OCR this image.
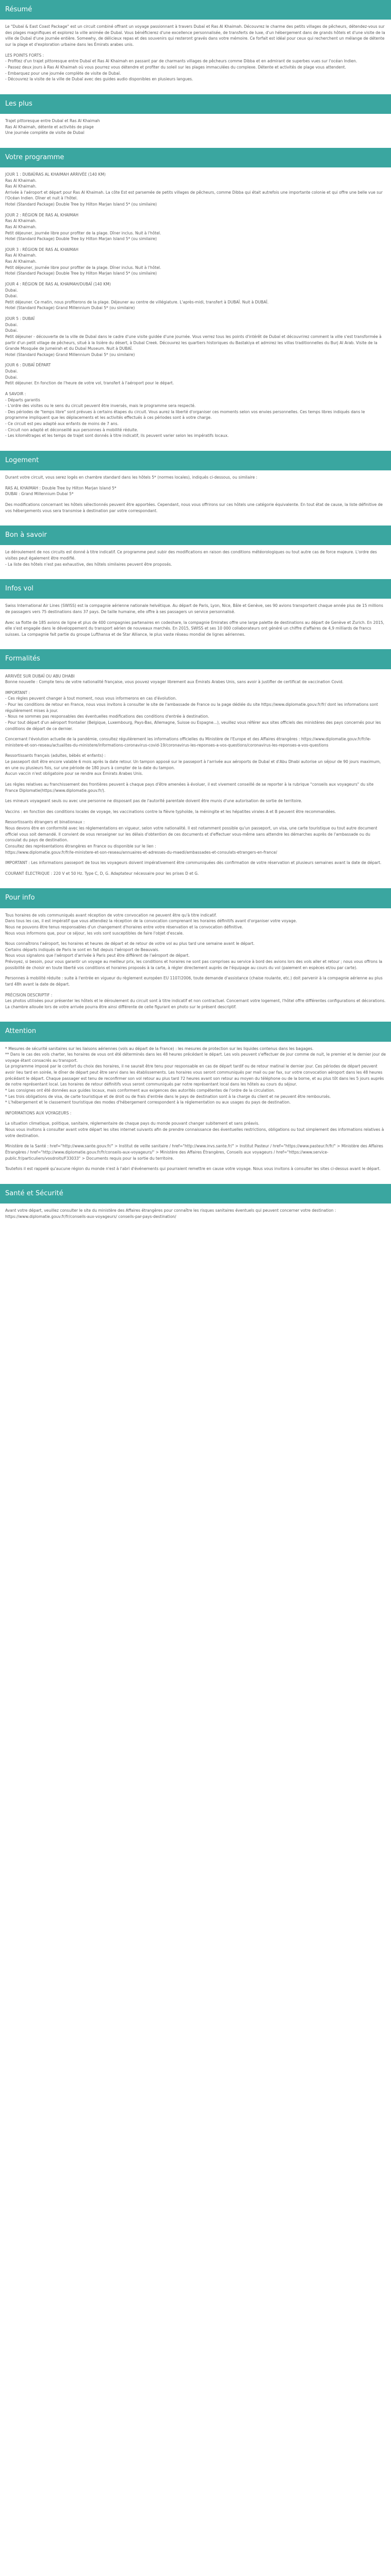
Résumé

Le "Dubaï & East Coast Package" est un circuit combiné offrant un voyage passionnant à travers Dubaï et Ras Al Khaimah. Découvrez le charme des petits villages de pêcheurs, détendez-vous sur des plages magnifiques et explorez la ville animée de Dubaï. Vous bénéficierez d'une excellence personnalisée, de transferts de luxe, d'un hébergement dans de grands hôtels et d'une visite de la ville de Dubaï d'une journée entière. Somewhy, de délicieux repas et des souvenirs qui resteront gravés dans votre mémoire. Ce forfait est idéal pour ceux qui recherchent un mélange de détente sur la plage et d'exploration urbaine dans les Émirats arabes unis.

LES POINTS FORTS :
- Profitez d'un trajet pittoresque entre Dubaï et Ras Al Khaimah en passant par de charmants villages de pêcheurs comme Dibba et en admirant de superbes vues sur l'océan Indien.
- Passez deux jours à Ras Al Khaimah où vous pourrez vous détendre et profiter du soleil sur les plages immaculées du complexe. Détente et activités de plage vous attendent.
- Embarquez pour une journée complète de visite de Dubaï.
- Découvrez la visite de la ville de Dubaï avec des guides audio disponibles en plusieurs langues.

Les plus

Trajet pittoresque entre Dubaï et Ras Al Khaimah
Ras Al Khaimah, détente et activités de plage
Une journée complète de visite de Dubaï

Votre programme

JOUR 1 : DUBAÏ/RAS AL KHAIMAH ARRIVÉE (140 KM)
Ras Al Khaimah.
Ras Al Khaimah.
Arrivée à l'aéroport et départ pour Ras Al Khaimah. La côte Est est parsemée de petits villages de pêcheurs, comme Dibba qui était autrefois une importante colonie et qui offre une belle vue sur l'Océan Indien. Dîner et nuit à l'hôtel.
Hotel (Standard Package) Double Tree by Hilton Marjan Island 5* (ou similaire)

JOUR 2 : RÉGION DE RAS AL KHAIMAH
Ras Al Khaimah.
Ras Al Khaimah.
Petit déjeuner, journée libre pour profiter de la plage. Dîner inclus. Nuit à l'hôtel.
Hotel (Standard Package) Double Tree by Hilton Marjan Island 5* (ou similaire)

JOUR 3 : RÉGION DE RAS AL KHAIMAH
Ras Al Khaimah.
Ras Al Khaimah.
Petit déjeuner, journée libre pour profiter de la plage. Dîner inclus. Nuit à l'hôtel.
Hotel (Standard Package) Double Tree by Hilton Marjan Island 5* (ou similaire)

JOUR 4 : RÉGION DE RAS AL KHAIMAH/DUBAÏ (140 KM)
Dubai.
Dubai.
Petit déjeuner. Ce matin, nous profiterons de la plage. Déjeuner au centre de villégiature. L'après-midi, transfert à DUBAÏ. Nuit à DUBAÏ.
Hotel (Standard Package) Grand Millennium Dubai 5* (ou similaire)

JOUR 5 : DUBAÏ
Dubai.
Dubai.
Petit déjeuner - découverte de la ville de Dubaï dans le cadre d'une visite guidée d'une journée. Vous verrez tous les points d'intérêt de Dubaï et découvrirez comment la ville s'est transformée à partir d'un petit village de pêcheurs, situé à la lisière du désert, à Dubaï Creek. Découvrez les quartiers historiques du Bastakiya et admirez les villas traditionnelles du Burj Al Arab. Visite de la Grande Mosquée de Jumeirah et du Dubaï Museum. Nuit à DUBAÏ.
Hotel (Standard Package) Grand Millennium Dubai 5* (ou similaire)

JOUR 6 : DUBAÏ DÉPART
Dubai.
Dubai.
Petit déjeuner. En fonction de l'heure de votre vol, transfert à l'aéroport pour le départ.

A SAVOIR :
- Départs garantis
- L'ordre des visites ou le sens du circuit peuvent être inversés, mais le programme sera respecté.
- Des périodes de "temps libre" sont prévues à certains étapes du circuit. Vous aurez la liberté d'organiser ces moments selon vos envies personnelles. Ces temps libres indiqués dans le programme impliquent que les déplacements et les activités effectués à ces périodes sont à votre charge.
- Ce circuit est peu adapté aux enfants de moins de 7 ans.
- Circuit non adapté et déconseillé aux personnes à mobilité réduite.
- Les kilométrages et les temps de trajet sont donnés à titre indicatif, ils peuvent varier selon les impératifs locaux.

Logement

Durant votre circuit, vous serez logés en chambre standard dans les hôtels 5* (normes locales), indiqués ci-dessous, ou similaire :

RAS AL KHAIMAH : Double Tree by Hilton Marjan Island 5*
DUBAI : Grand Millennium Dubai 5*

Des modifications concernant les hôtels sélectionnés peuvent être apportées. Cependant, nous vous offrirons sur ces hôtels une catégorie équivalente. En tout état de cause, la liste définitive de vos hébergements vous sera transmise à destination par votre correspondant.

Bon à savoir

Le déroulement de nos circuits est donné à titre indicatif. Ce programme peut subir des modifications en raison des conditions météorologiques ou tout autre cas de force majeure. L'ordre des visites peut également être modifié.
- La liste des hôtels n'est pas exhaustive, des hôtels similaires peuvent être proposés.

Infos vol

Swiss International Air Lines (SWISS) est la compagnie aérienne nationale helvétique. Au départ de Paris, Lyon, Nice, Bâle et Genève, ses 90 avions transportent chaque année plus de 15 millions de passagers vers 75 destinations dans 37 pays. De taille humaine, elle offre à ses passagers un service personnalisé.

Avec sa flotte de 185 avions de ligne et plus de 400 compagnies partenaires en codeshare, la compagnie Emirates offre une large palette de destinations au départ de Genève et Zurich. En 2015, elle s'est engagée dans le développement du transport aérien de nouveaux marchés. En 2015, SWISS et ses 10 000 collaborateurs ont généré un chiffre d'affaires de 4,9 milliards de francs suisses. La compagnie fait partie du groupe Lufthansa et de Star Alliance, le plus vaste réseau mondial de lignes aériennes.

Formalités

ARRIVÉE SUR DUBAÏ OU ABU DHABI
Bonne nouvelle : Compte tenu de votre nationalité française, vous pouvez voyager librement aux Émirats Arabes Unis, sans avoir à justifier de certificat de vaccination Covid.

IMPORTANT :
- Ces règles peuvent changer à tout moment, nous vous informerons en cas d'évolution.
- Pour les conditions de retour en France, nous vous invitons à consulter le site de l'ambassade de France ou la page dédiée du site https://www.diplomatie.gouv.fr/fr/ dont les informations sont régulièrement mises à jour.
- Nous ne sommes pas responsables des éventuelles modifications des conditions d'entrée à destination.
- Pour tout départ d'un aéroport frontalier (Belgique, Luxembourg, Pays-Bas, Allemagne, Suisse ou Espagne...), veuillez vous référer aux sites officiels des ministères des pays concernés pour les conditions de départ de ce dernier.

Concernant l'évolution actuelle de la pandémie, consultez régulièrement les informations officielles du Ministère de l'Europe et des Affaires étrangères : https://www.diplomatie.gouv.fr/fr/le-ministere-et-son-reseau/actualites-du-ministere/informations-coronavirus-covid-19/coronavirus-les-reponses-a-vos-questions/coronavirus-les-reponses-a-vos-questions

Ressortissants français (adultes, bébés et enfants) :
Le passeport doit être encore valable 6 mois après la date retour. Un tampon apposé sur le passeport à l'arrivée aux aéroports de Dubaï et d'Abu Dhabi autorise un séjour de 90 jours maximum, en une ou plusieurs fois, sur une période de 180 jours à compter de la date du tampon.
Aucun vaccin n'est obligatoire pour se rendre aux Émirats Arabes Unis.

Les règles relatives au franchissement des frontières peuvent à chaque pays d'être amenées à évoluer, il est vivement conseillé de se reporter à la rubrique "conseils aux voyageurs" du site France Diplomatie(https://www.diplomatie.gouv.fr/).

Les mineurs voyageant seuls ou avec une personne ne disposant pas de l'autorité parentale doivent être munis d'une autorisation de sortie de territoire.

Vaccins : en fonction des conditions locales de voyage, les vaccinations contre la fièvre typhoïde, la méningite et les hépatites virales A et B peuvent être recommandées.

Ressortissants étrangers et binationaux :
Nous devons être en conformité avec les réglementations en vigueur, selon votre nationalité. Il est notamment possible qu'un passeport, un visa, une carte touristique ou tout autre document officiel vous soit demandé. Il convient de vous renseigner sur les délais d'obtention de ces documents et d'effectuer vous-même sans attendre les démarches auprès de l'ambassade ou du consulat du pays de destination.
Consultez des représentations étrangères en France ou disponible sur le lien :
https://www.diplomatie.gouv.fr/fr/le-ministere-et-son-reseau/annuaires-et-adresses-du-maedi/ambassades-et-consulats-etrangers-en-france/

IMPORTANT : Les informations passeport de tous les voyageurs doivent impérativement être communiquées dès confirmation de votre réservation et plusieurs semaines avant la date de départ.

COURANT ÉLECTRIQUE : 220 V et 50 Hz. Type C, D, G. Adaptateur nécessaire pour les prises D et G.

Pour info

Tous horaires de vols communiqués avant réception de votre convocation ne peuvent être qu'à titre indicatif.
Dans tous les cas, il est impératif que vous attendiez la réception de la convocation comprenant les horaires définitifs avant d'organiser votre voyage.
Nous ne pouvons être tenus responsables d'un changement d'horaires entre votre réservation et la convocation définitive.
Nous vous informons que, pour ce séjour, les vols sont susceptibles de faire l'objet d'escale.

Nous connaîtrons l'aéroport, les horaires et heures de départ et de retour de votre vol au plus tard une semaine avant le départ.
Certains départs indiqués de Paris le sont en fait depuis l'aéroport de Beauvais.
Nous vous signalons que l'aéroport d'arrivée à Paris peut être différent de l'aéroport de départ.
Prévoyez, si besoin, pour vous garantir un voyage au meilleur prix, les conditions et horaires ne sont pas comprises au service à bord des avions lors des vols aller et retour ; nous vous offrons la possibilité de choisir en toute liberté vos conditions et horaires proposés à la carte, à régler directement auprès de l'équipage au cours du vol (paiement en espèces et/ou par carte).

Personnes à mobilité réduite : suite à l'entrée en vigueur du règlement européen EU 1107/2006, toute demande d'assistance (chaise roulante, etc.) doit parvenir à la compagnie aérienne au plus tard 48h avant la date de départ.

PRÉCISION DESCRIPTIF :
Les photos utilisées pour présenter les hôtels et le déroulement du circuit sont à titre indicatif et non contractuel. Concernant votre logement, l'hôtel offre différentes configurations et décorations. La chambre allouée lors de votre arrivée pourra être ainsi différente de celle figurant en photo sur le présent descriptif.

Attention

* Mesures de sécurité sanitaires sur les liaisons aériennes (vols au départ de la France) : les mesures de protection sur les liquides contenus dans les bagages.
** Dans le cas des vols charter, les horaires de vous ont été déterminés dans les 48 heures précédant le départ. Les vols peuvent s'effectuer de jour comme de nuit, le premier et le dernier jour de voyage étant consacrés au transport.
Le programme imposé par le confort du choix des horaires, il ne saurait être tenu pour responsable en cas de départ tardif ou de retour matinal le dernier jour. Ces périodes de départ peuvent avoir lieu tard en soirée, le dîner de départ peut être servi dans les établissements. Les horaires vous seront communiqués par mail ou par fax, sur votre convocation aéroport dans les 48 heures précédant le départ. Chaque passager est tenu de reconfirmer son vol retour au plus tard 72 heures avant son retour au moyen du téléphone ou de la borne, et au plus tôt dans les 5 jours auprès de notre représentant local. Les horaires de retour définitifs vous seront communiqués par notre représentant local dans les hôtels au cours du séjour.
* Les consignes ont été données aux guides locaux, mais conforment aux exigences des autorités compétentes de l'ordre de la circulation.
* Les trois obligations de visa, de carte touristique et de droit ou de frais d'entrée dans le pays de destination sont à la charge du client et ne peuvent être remboursés.
* L'hébergement et le classement touristique des modes d'hébergement correspondent à la réglementation ou aux usages du pays de destination.

INFORMATIONS AUX VOYAGEURS :

La situation climatique, politique, sanitaire, réglementaire de chaque pays du monde pouvant changer subitement et sans préavis.
Nous vous invitons à consulter avant votre départ les sites internet suivants afin de prendre connaissance des éventuelles restrictions, obligations ou tout simplement des informations relatives à votre destination.

Ministère de la Santé : href="http://www.sante.gouv.fr/" > Institut de veille sanitaire / href="http://www.invs.sante.fr/" > Institut Pasteur / href="https://www.pasteur.fr/fr/" > Ministère des Affaires Étrangères / href="http://www.diplomatie.gouv.fr/fr/conseils-aux-voyageurs/" > Ministère des Affaires Étrangères, Conseils aux voyageurs / href="https://www.service-public.fr/particuliers/vosdroits/F33033" > Documents requis pour la sortie du territoire.

Toutefois il est rappelé qu'aucune région du monde n'est à l'abri d'événements qui pourraient remettre en cause votre voyage. Nous vous invitons à consulter les sites ci-dessus avant le départ.

Santé et Sécurité

Avant votre départ, veuillez consulter le site du ministère des Affaires étrangères pour connaître les risques sanitaires éventuels qui peuvent concerner votre destination : https://www.diplomatie.gouv.fr/fr/conseils-aux-voyageurs/ conseils-par-pays-destination/
